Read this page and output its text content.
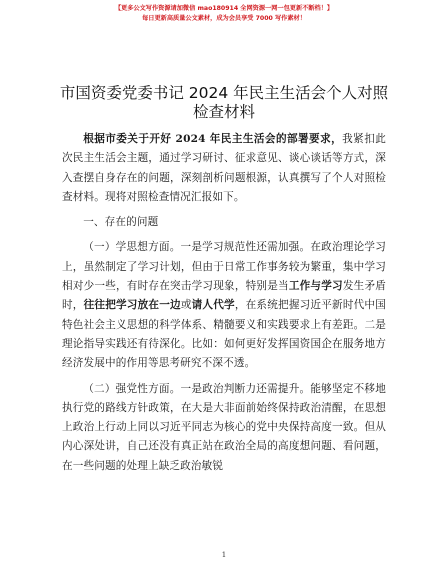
【更多公文写作资源请加微信 mao180914 全网资源一网一包更新不断档！】
每日更新高质量公文素材，成为会员享受 7000 写作素材！
市国资委党委书记 2024 年民主生活会个人对照
检查材料

根据市委关于开好 2024 年民主生活会的部署要求，我紧扣此次民主生活会主题，通过学习研讨、征求意见、谈心谈话等方式，深入查摆自身存在的问题，深刻剖析问题根源，认真撰写了个人对照检查材料。现将对照检查情况汇报如下。

一、存在的问题

（一）学思想方面。一是学习规范性还需加强。在政治理论学习上，虽然制定了学习计划，但由于日常工作事务较为繁重，集中学习相对少一些，有时存在突击学习现象，特别是当工作与学习发生矛盾时，往往把学习放在一边或请人代学，在系统把握习近平新时代中国特色社会主义思想的科学体系、精髓要义和实践要求上有差距。二是理论指导实践还有待深化。比如：如何更好发挥国资国企在服务地方经济发展中的作用等思考研究不深不透。

（二）强党性方面。一是政治判断力还需提升。能够坚定不移地执行党的路线方针政策，在大是大非面前始终保持政治清醒，在思想上政治上行动上同以习近平同志为核心的党中央保持高度一致。但从内心深处讲，自己还没有真正站在政治全局的高度想问题、看问题，在一些问题的处理上缺乏政治敏锐

1
